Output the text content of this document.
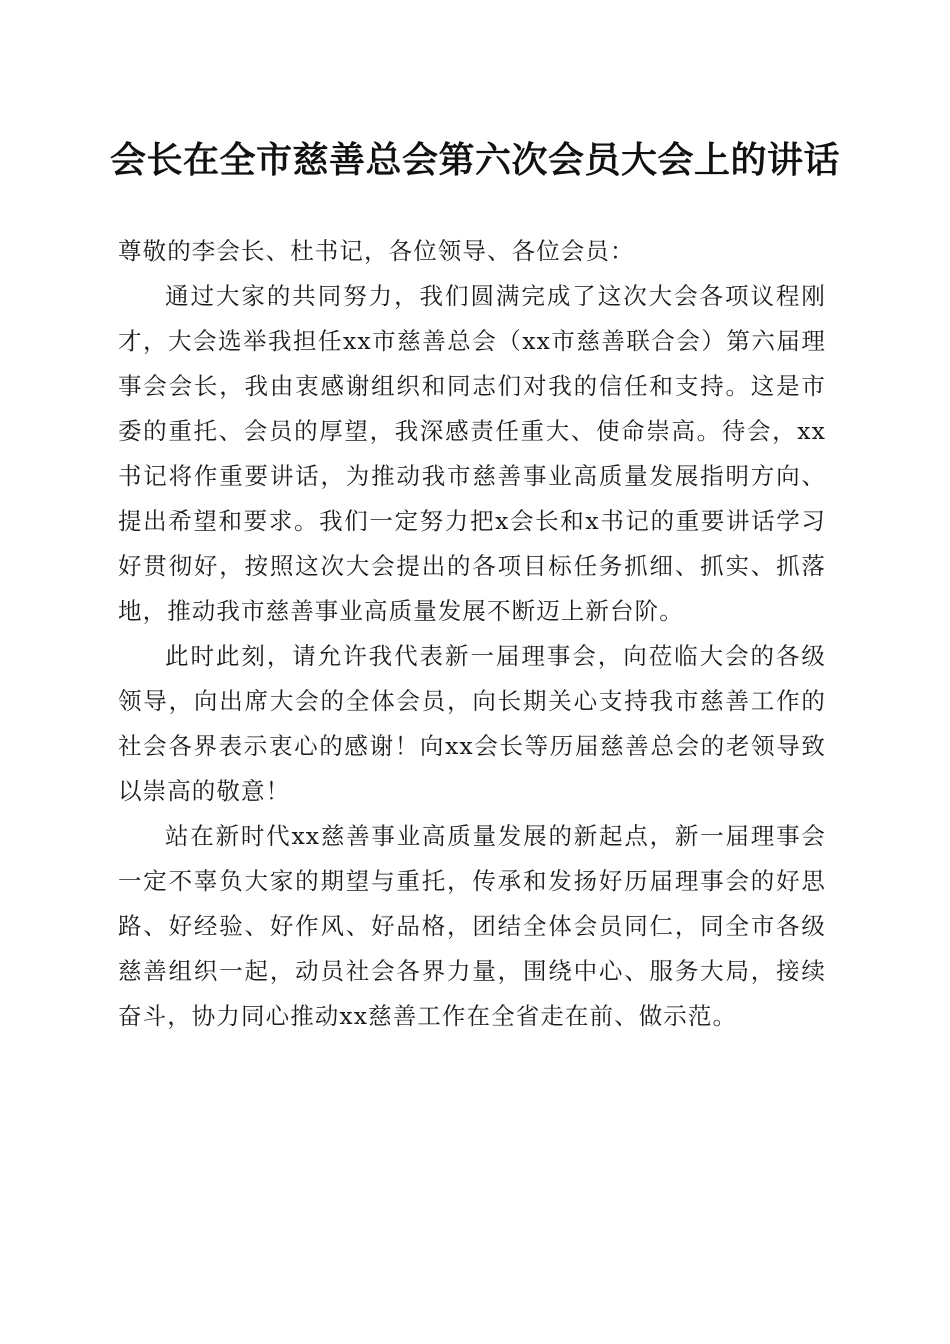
会长在全市慈善总会第六次会员大会上的讲话

尊敬的李会长、杜书记，各位领导、各位会员：

通过大家的共同努力，我们圆满完成了这次大会各项议程刚才，大会选举我担任xx市慈善总会（xx市慈善联合会）第六届理事会会长，我由衷感谢组织和同志们对我的信任和支持。这是市委的重托、会员的厚望，我深感责任重大、使命崇高。待会，xx书记将作重要讲话，为推动我市慈善事业高质量发展指明方向、提出希望和要求。我们一定努力把x会长和x书记的重要讲话学习好贯彻好，按照这次大会提出的各项目标任务抓细、抓实、抓落地，推动我市慈善事业高质量发展不断迈上新台阶。

此时此刻，请允许我代表新一届理事会，向莅临大会的各级领导，向出席大会的全体会员，向长期关心支持我市慈善工作的社会各界表示衷心的感谢！向xx会长等历届慈善总会的老领导致以崇高的敬意！

站在新时代xx慈善事业高质量发展的新起点，新一届理事会一定不辜负大家的期望与重托，传承和发扬好历届理事会的好思路、好经验、好作风、好品格，团结全体会员同仁，同全市各级慈善组织一起，动员社会各界力量，围绕中心、服务大局，接续奋斗，协力同心推动xx慈善工作在全省走在前、做示范。
